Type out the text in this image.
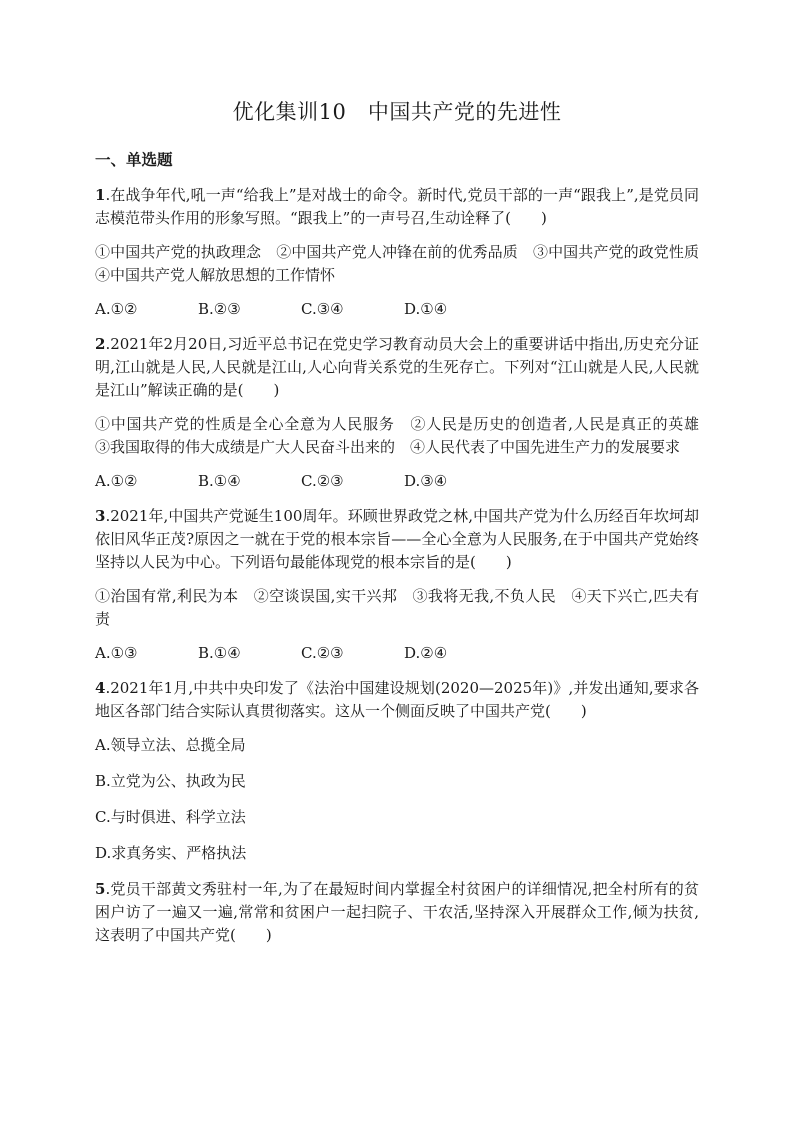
优化集训10　中国共产党的先进性
一、单选题

1.在战争年代,吼一声“给我上”是对战士的命令。新时代,党员干部的一声“跟我上”,是党员同志模范带头作用的形象写照。“跟我上”的一声号召,生动诠释了(　　)

①中国共产党的执政理念　②中国共产党人冲锋在前的优秀品质　③中国共产党的政党性质　④中国共产党人解放思想的工作情怀

A.①②	B.②③	C.③④	D.①④

2.2021年2月20日,习近平总书记在党史学习教育动员大会上的重要讲话中指出,历史充分证明,江山就是人民,人民就是江山,人心向背关系党的生死存亡。下列对“江山就是人民,人民就是江山”解读正确的是(　　)

①中国共产党的性质是全心全意为人民服务　②人民是历史的创造者,人民是真正的英雄　③我国取得的伟大成绩是广大人民奋斗出来的　④人民代表了中国先进生产力的发展要求

A.①②	B.①④	C.②③	D.③④

3.2021年,中国共产党诞生100周年。环顾世界政党之林,中国共产党为什么历经百年坎坷却依旧风华正茂?原因之一就在于党的根本宗旨——全心全意为人民服务,在于中国共产党始终坚持以人民为中心。下列语句最能体现党的根本宗旨的是(　　)

①治国有常,利民为本　②空谈误国,实干兴邦　③我将无我,不负人民　④天下兴亡,匹夫有责

A.①③	B.①④	C.②③	D.②④

4.2021年1月,中共中央印发了《法治中国建设规划(2020—2025年)》,并发出通知,要求各地区各部门结合实际认真贯彻落实。这从一个侧面反映了中国共产党(　　)

A.领导立法、总揽全局
B.立党为公、执政为民
C.与时俱进、科学立法
D.求真务实、严格执法

5.党员干部黄文秀驻村一年,为了在最短时间内掌握全村贫困户的详细情况,把全村所有的贫困户访了一遍又一遍,常常和贫困户一起扫院子、干农活,坚持深入开展群众工作,倾为扶贫,这表明了中国共产党(　　)
